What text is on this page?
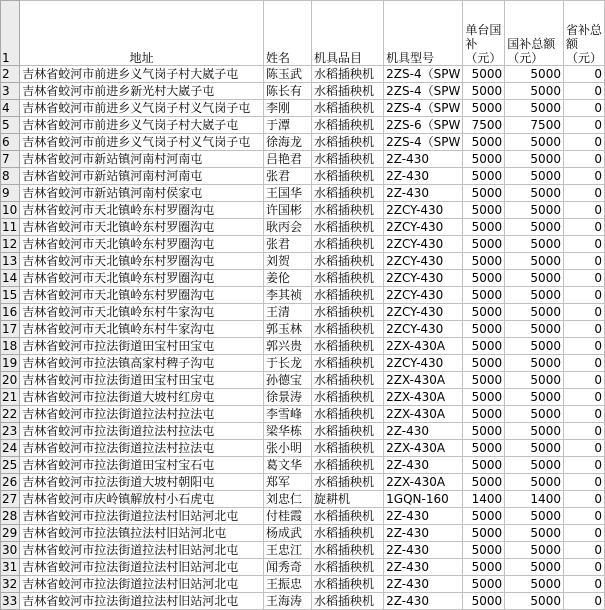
1	地址	姓名	机具品目	机具型号	单台国补（元）	国补总额（元）	省补总额（元）
2	吉林省蛟河市前进乡义气岗子村大崴子屯	陈玉武	水稻插秧机	2ZS-4（SPW	5000	5000	0
3	吉林省蛟河市前进乡新光村大崴子屯	陈长有	水稻插秧机	2ZS-4（SPW	5000	5000	0
4	吉林省蛟河市前进乡义气岗子村义气岗子屯	李刚	水稻插秧机	2ZS-4（SPW	5000	5000	0
5	吉林省蛟河市前进乡义气岗子村大崴子屯	于潭	水稻插秧机	2ZS-6（SPW	7500	7500	0
6	吉林省蛟河市前进乡义气岗子村义气岗子屯	徐海龙	水稻插秧机	2ZS-4（SPW	5000	5000	0
7	吉林省蛟河市新站镇河南村河南屯	吕艳君	水稻插秧机	2Z-430	5000	5000	0
8	吉林省蛟河市新站镇河南村河南屯	张君	水稻插秧机	2Z-430	5000	5000	0
9	吉林省蛟河市新站镇河南村侯家屯	王国华	水稻插秧机	2Z-430	5000	5000	0
10	吉林省蛟河市天北镇岭东村罗圈沟屯	许国彬	水稻插秧机	2ZCY-430	5000	5000	0
11	吉林省蛟河市天北镇岭东村罗圈沟屯	耿丙会	水稻插秧机	2ZCY-430	5000	5000	0
12	吉林省蛟河市天北镇岭东村罗圈沟屯	张君	水稻插秧机	2ZCY-430	5000	5000	0
13	吉林省蛟河市天北镇岭东村罗圈沟屯	刘贺	水稻插秧机	2ZCY-430	5000	5000	0
14	吉林省蛟河市天北镇岭东村罗圈沟屯	姜伦	水稻插秧机	2ZCY-430	5000	5000	0
15	吉林省蛟河市天北镇岭东村罗圈沟屯	李其祯	水稻插秧机	2ZCY-430	5000	5000	0
16	吉林省蛟河市天北镇岭东村牛家沟屯	王清	水稻插秧机	2ZCY-430	5000	5000	0
17	吉林省蛟河市天北镇岭东村牛家沟屯	郭玉林	水稻插秧机	2ZCY-430	5000	5000	0
18	吉林省蛟河市拉法街道田宝村田宝屯	郭兴贵	水稻插秧机	2ZX-430A	5000	5000	0
19	吉林省蛟河市拉法镇高家村稗子沟屯	于长龙	水稻插秧机	2ZCY-430	5000	5000	0
20	吉林省蛟河市拉法街道田宝村田宝屯	孙德宝	水稻插秧机	2ZX-430A	5000	5000	0
21	吉林省蛟河市拉法街道大坡村红房屯	徐景涛	水稻插秧机	2ZX-430A	5000	5000	0
22	吉林省蛟河市拉法街道拉法村拉法屯	李雪峰	水稻插秧机	2ZX-430A	5000	5000	0
23	吉林省蛟河市拉法街道拉法村拉法屯	梁华栋	水稻插秧机	2Z-430	5000	5000	0
24	吉林省蛟河市拉法街道拉法村拉法屯	张小明	水稻插秧机	2ZX-430A	5000	5000	0
25	吉林省蛟河市拉法街道田宝村宝石屯	葛文华	水稻插秧机	2Z-430	5000	5000	0
26	吉林省蛟河市拉法街道大坡村朝阳屯	郑军	水稻插秧机	2ZX-430A	5000	5000	0
27	吉林省蛟河市庆岭镇解放村小石虎屯	刘忠仁	旋耕机	1GQN-160	1400	1400	0
28	吉林省蛟河市拉法街道拉法村旧站河北屯	付桂霞	水稻插秧机	2Z-430	5000	5000	0
29	吉林省蛟河市拉法镇拉法村旧站河北屯	杨成武	水稻插秧机	2Z-430	5000	5000	0
30	吉林省蛟河市拉法街道拉法村旧站河北屯	王忠江	水稻插秧机	2Z-430	5000	5000	0
31	吉林省蛟河市拉法街道拉法村旧站河北屯	闻秀奇	水稻插秧机	2Z-430	5000	5000	0
32	吉林省蛟河市拉法街道拉法村旧站河北屯	王振忠	水稻插秧机	2Z-430	5000	5000	0
33	吉林省蛟河市拉法街道拉法村旧站河北屯	王海涛	水稻插秧机	2Z-430	5000	5000	0
